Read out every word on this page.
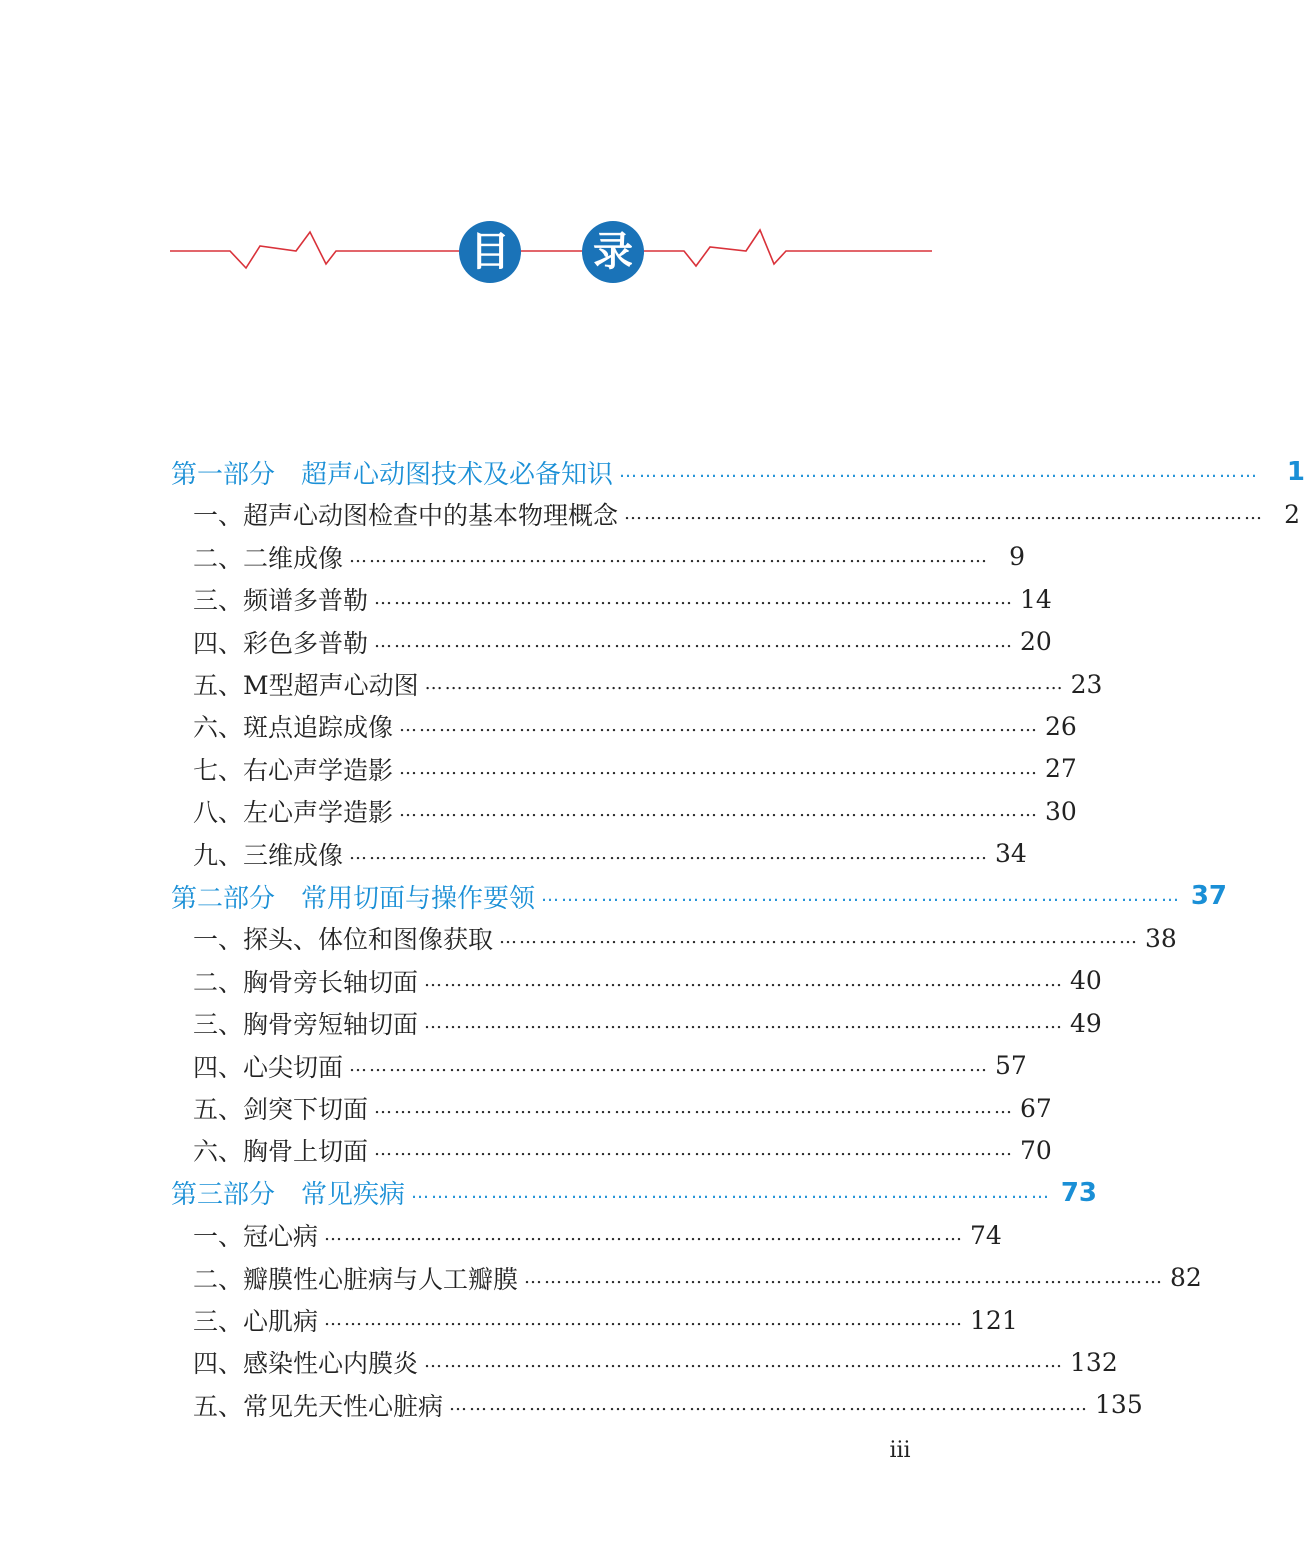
目 录
第一部分　超声心动图技术及必备知识 ……………………………………………………………………………………	1
一、超声心动图检查中的基本物理概念 …………………………………………………………………………………… 2
二、二维成像 …………………………………………………………………………………… 9
三、频谱多普勒 …………………………………………………………………………………… 14
四、彩色多普勒 …………………………………………………………………………………… 20
五、M型超声心动图 …………………………………………………………………………………… 23
六、斑点追踪成像 …………………………………………………………………………………… 26
七、右心声学造影 …………………………………………………………………………………… 27
八、左心声学造影 …………………………………………………………………………………… 30
九、三维成像 …………………………………………………………………………………… 34
第二部分　常用切面与操作要领 …………………………………………………………………………………… 37
一、探头、体位和图像获取 …………………………………………………………………………………… 38
二、胸骨旁长轴切面 …………………………………………………………………………………… 40
三、胸骨旁短轴切面 …………………………………………………………………………………… 49
四、心尖切面 …………………………………………………………………………………… 57
五、剑突下切面 …………………………………………………………………………………… 67
六、胸骨上切面 …………………………………………………………………………………… 70
第三部分　常见疾病 …………………………………………………………………………………… 73
一、冠心病 …………………………………………………………………………………… 74
二、瓣膜性心脏病与人工瓣膜 …………………………………………………………………………………… 82
三、心肌病 …………………………………………………………………………………… 121
四、感染性心内膜炎 …………………………………………………………………………………… 132
五、常见先天性心脏病 …………………………………………………………………………………… 135
iii
